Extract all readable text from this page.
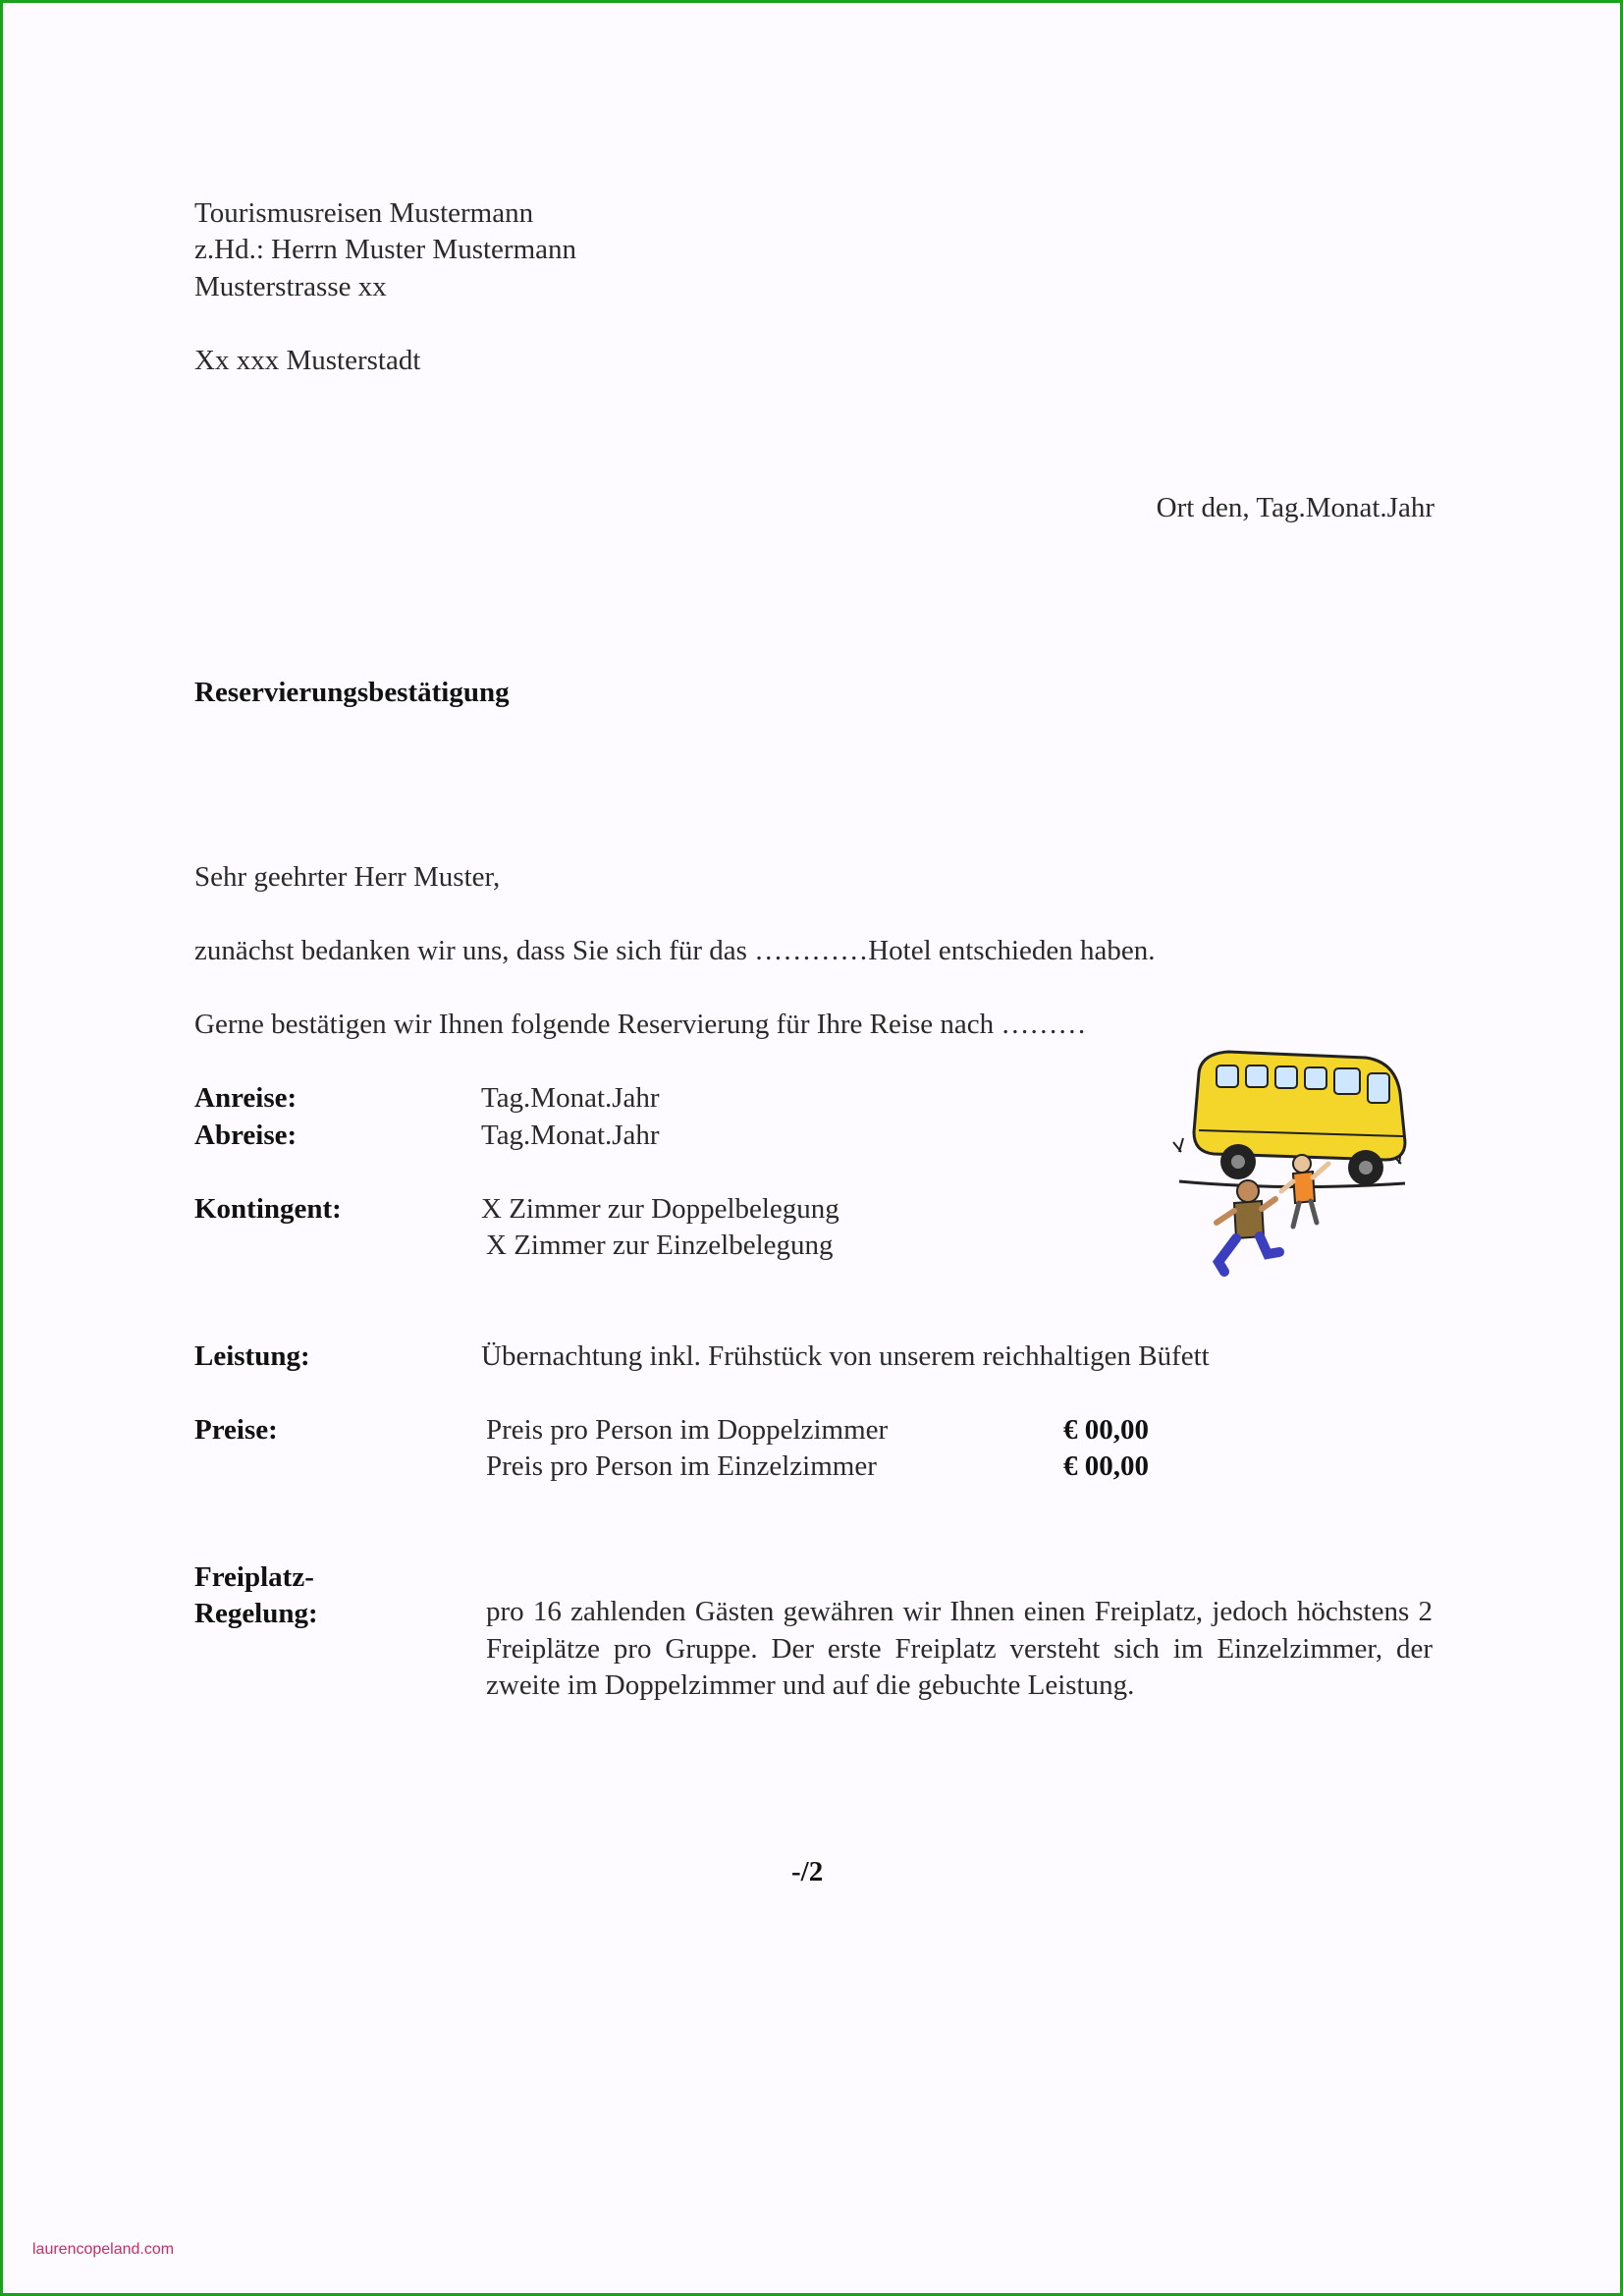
Tourismusreisen Mustermann
z.Hd.: Herrn Muster Mustermann
Musterstrasse xx
Xx xxx Musterstadt
Ort den, Tag.Monat.Jahr
Reservierungsbestätigung
Sehr geehrter Herr Muster,
zunächst bedanken wir uns, dass Sie sich für das …………Hotel entschieden haben.
Gerne bestätigen wir Ihnen folgende Reservierung für Ihre Reise nach ………
Anreise:	Tag.Monat.Jahr
Abreise:	Tag.Monat.Jahr
Kontingent:	X Zimmer zur Doppelbelegung
X Zimmer zur Einzelbelegung
Leistung:	Übernachtung inkl. Frühstück von unserem reichhaltigen Büfett
Preise:	Preis pro Person im Doppelzimmer	€ 00,00
Preis pro Person im Einzelzimmer	€ 00,00
Freiplatz-
Regelung:	pro 16 zahlenden Gästen gewähren wir Ihnen einen Freiplatz, jedoch höchstens 2 Freiplätze pro Gruppe. Der erste Freiplatz versteht sich im Einzelzimmer, der zweite im Doppelzimmer und auf die gebuchte Leistung.
-/2
laurencopeland.com
